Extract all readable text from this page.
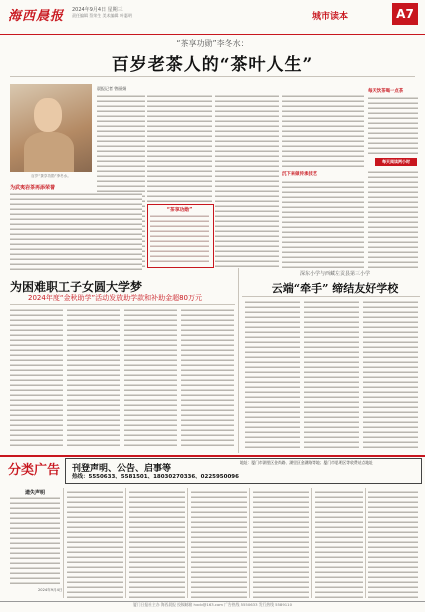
海西晨报 2024年9月4日 星期三
责任编辑 蔡荣生 美术编辑 叶惠明	城市读本	A7
“茶享功勋”李冬水：
百岁老茶人的“茶叶人生”
百岁“茶享功勋”李冬水。
晨报记者 曾丽娟
为武夷岩茶再添荣誉
“茶享功勋”
沉下来做传承技艺
每天阅读两小时
每天饮茶喝一点茶
为困难职工子女圆大学梦
2024年度“金秋助学”活动发放助学款和补助金超80万元
深东小学与西藏左贡县第三小学
云端“牵手” 缔结友好学校
分类广告 刊登声明、公告、启事等
热线：5550633、5581501、18030270336、0225950096
地址：厦门市湖里区金尚路、湖里区金湖路等地；厦门市思明区等收费站点地址
遗失声明
2024年9月4日
厦门日报社主办 海西晨报 投稿邮箱 hxcb@163.com 广告热线 5550633 发行热线 5589110
